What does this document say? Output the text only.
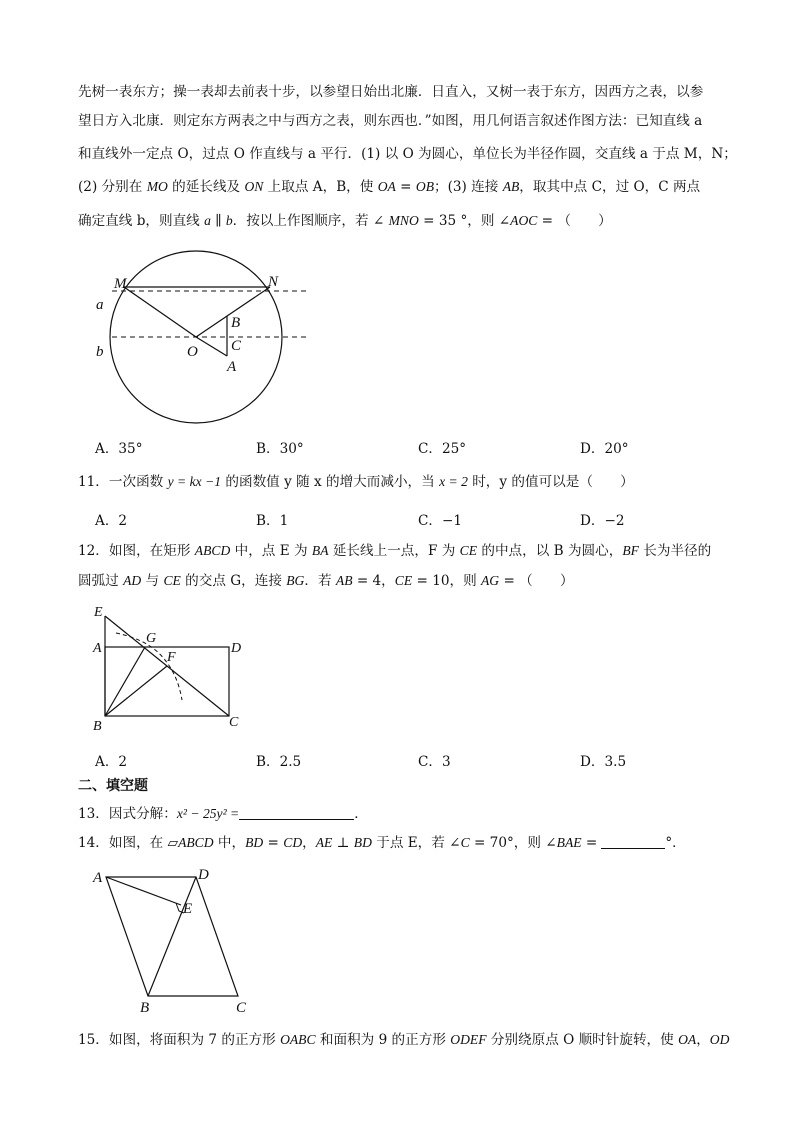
先树一表东方；操一表却去前表十步，以参望日始出北廉．日直入，又树一表于东方，因西方之表，以参
望日方入北康．则定东方两表之中与西方之表，则东西也．”如图，用几何语言叙述作图方法：已知直线 a
和直线外一定点 O，过点 O 作直线与 a 平行．(1) 以 O 为圆心，单位长为半径作圆，交直线 a 于点 M，N；
(2) 分别在 MO 的延长线及 ON 上取点 A，B，使 OA = OB；(3) 连接 AB，取其中点 C，过 O，C 两点
确定直线 b，则直线 a ∥ b．按以上作图顺序，若 ∠ MNO = 35 °，则 ∠AOC = （　　）
M	N
a
b	O
B
C
A
A．35°	B．30°	C．25°	D．20°
11．一次函数 y = kx −1 的函数值 y 随 x 的增大而减小，当 x = 2 时，y 的值可以是（　　）
A．2	B．1	C．−1	D．−2
12．如图，在矩形 ABCD 中，点 E 为 BA 延长线上一点，F 为 CE 的中点，以 B 为圆心，BF 长为半径的
圆弧过 AD 与 CE 的交点 G，连接 BG．若 AB = 4，CE = 10，则 AG = （　　）
E
A
G
D
F
B	C
A．2	B．2.5	C．3	D．3.5
二、填空题
13．因式分解：x² − 25y² =	．
14．如图，在 ▱ABCD 中，BD = CD，AE ⊥ BD 于点 E，若 ∠C = 70°，则 ∠BAE =	°．
A	D
E
B	C
15．如图，将面积为 7 的正方形 OABC 和面积为 9 的正方形 ODEF 分别绕原点 O 顺时针旋转，使 OA，OD
